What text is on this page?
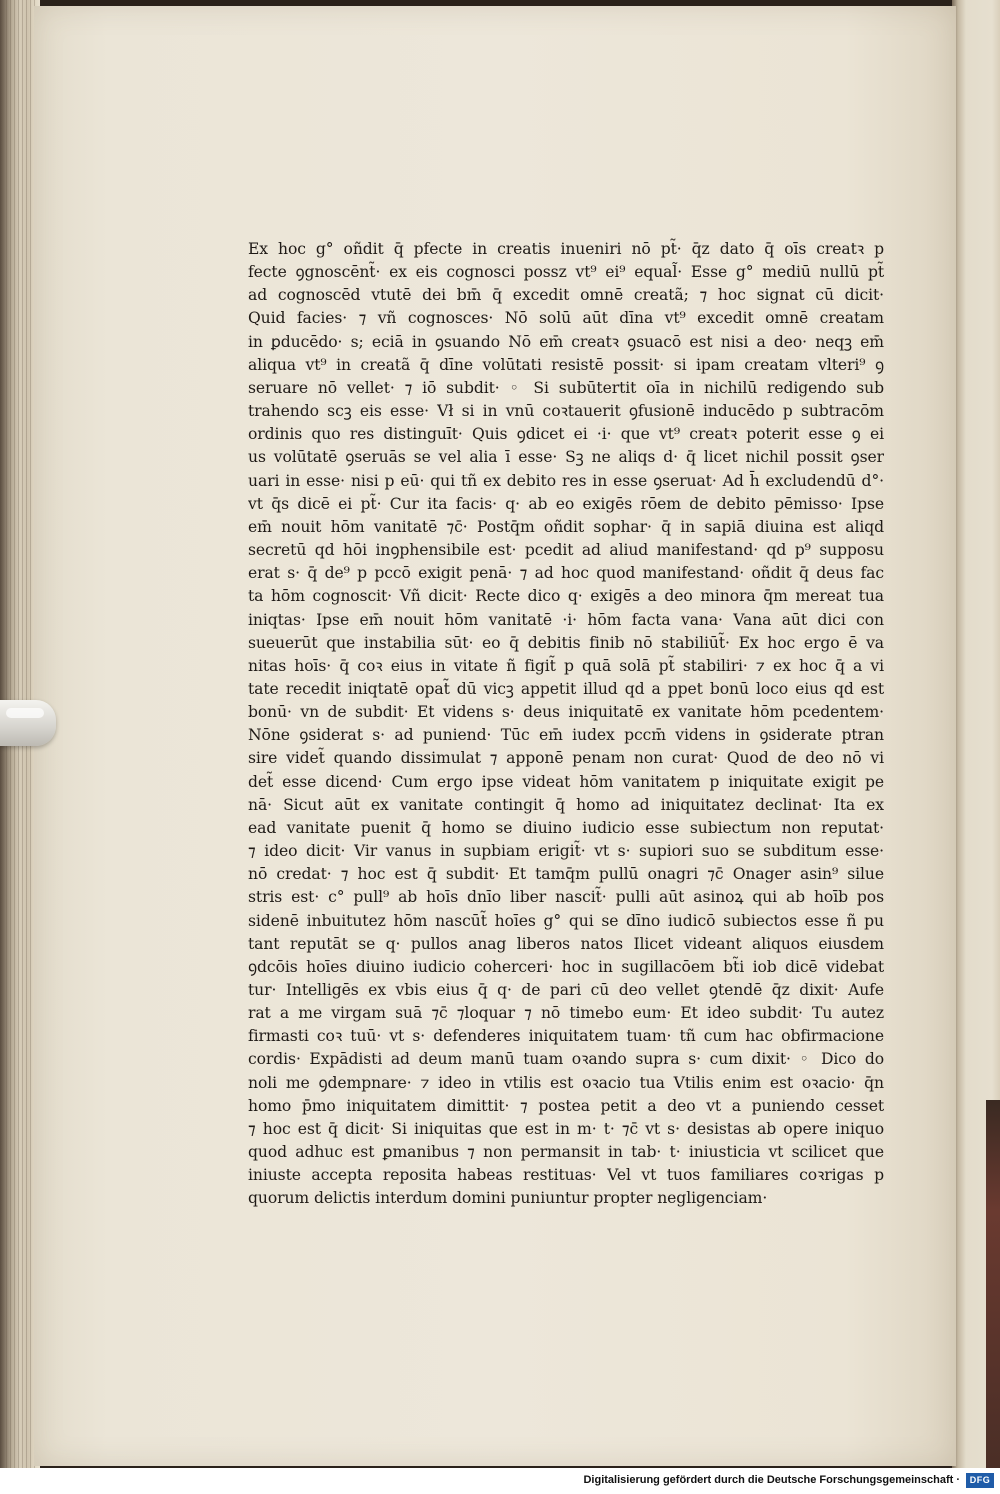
Ex hoc g° oñdit q̄ pfecte in creatis inueniri nō pt̃· q̄z dato q̄ oīs creatꝛ p
fecte ꝯgnoscēnt̃· ex eis cognosci possz vt⁹ ei⁹ equal̃· Esse g° mediū nullū pt̃
ad cognoscēd vtutē dei bm̄ q̄ excedit omnē creatã; ⁊ hoc signat cū dicit·
Quid facies· ⁊ vñ cognosces· Nō solū aūt dīna vt⁹ excedit omnē creatam
in ꝑducēdo· s; eciā in ꝯsuando Nō em̄ creatꝛ ꝯsuacō est nisi a deo· neqꝫ em̄
aliqua vt⁹ in creatã q̄ dīne volūtati resistē possit· si ipam creatam vlteri⁹ ꝯ
seruare nō vellet· ⁊ iō subdit· ◦ Si subūtertit oīa in nichilū redigendo sub
trahendo scꝫ eis esse· Vł si in vnū coꝛtauerit ꝯfusionē inducēdo p subtracōm
ordinis quo res distinguīt· Quis ꝯdicet ei ·i· que vt⁹ creatꝛ poterit esse ꝯ ei
us volūtatē ꝯseruās se vel alia ī esse· Sꝫ ne aliqs d· q̄ licet nichil possit ꝯser
uari in esse· nisi p eū· qui tñ ex debito res in esse ꝯseruat· Ad h̄ excludendū d°·
vt q̄s dicē ei pt̃· Cur ita facis· q· ab eo exigēs rōem de debito pēmisso· Ipse
em̄ nouit hōm vanitatē ⁊c̄· Postq̄m oñdit sophar· q̄ in sapiā diuina est aliqd
secretū qd hōi inꝯphensibile est· pcedit ad aliud manifestand· qd p⁹ supposu
erat s· q̄ de⁹ p pccō exigit penā· ⁊ ad hoc quod manifestand· oñdit q̄ deus fac
ta hōm cognoscit· Vñ dicit· Recte dico q· exigēs a deo minora q̄m mereat tua
iniqtas· Ipse em̄ nouit hōm vanitatē ·i· hōm facta vana· Vana aūt dici con
sueuerūt que instabilia sūt· eo q̄ debitis finib nō stabiliūt̃· Ex hoc ergo ē va
nitas hoīs· q̄ coꝛ eius in vitate ñ figit̃ p quā solā pt̃ stabiliri· ⁊ ex hoc q̄ a vi
tate recedit iniqtatē opat̃ dū vicꝫ appetit illud qd a ppet bonū loco eius qd est
bonū· vn de subdit· Et videns s· deus iniquitatē ex vanitate hōm pcedentem·
Nōne ꝯsiderat s· ad puniend· Tūc em̄ iudex pccm̄ videns in ꝯsiderate ptran
sire videt̃ quando dissimulat ⁊ apponē penam non curat· Quod de deo nō vi
det̃ esse dicend· Cum ergo ipse videat hōm vanitatem p iniquitate exigit pe
nā· Sicut aūt ex vanitate contingit q̄ homo ad iniquitatez declinat· Ita ex
ead vanitate puenit q̄ homo se diuino iudicio esse subiectum non reputat·
⁊ ideo dicit· Vir vanus in supbiam erigit̃· vt s· supiori suo se subditum esse·
nō credat· ⁊ hoc est q̄ subdit· Et tamq̄m pullū onagri ⁊c̄ Onager asin⁹ silue
stris est· c° pull⁹ ab hoīs dnīo liber nascit̃· pulli aūt asinoꝝ qui ab hoīb pos
sidenē inbuitutez hōm nascūt̃ hoīes g° qui se dīno iudicō subiectos esse ñ pu
tant reputāt se q· pullos anag liberos natos Ilicet videant aliquos eiusdem
ꝯdcōis hoīes diuino iudicio coherceri· hoc in sugillacōem bt̃i iob dicē videbat
tur· Intelligēs ex vbis eius q̄ q· de pari cū deo vellet ꝯtendē q̄z dixit· Aufe
rat a me virgam suā ⁊c̄ ⁊loquar ⁊ nō timebo eum· Et ideo subdit· Tu autez
firmasti coꝛ tuū· vt s· defenderes iniquitatem tuam· tñ cum hac obfirmacione
cordis· Expādisti ad deum manū tuam oꝛando supra s· cum dixit· ◦ Dico do
noli me ꝯdempnare· ⁊ ideo in vtilis est oꝛacio tua Vtilis enim est oꝛacio· q̄n
homo p̄mo iniquitatem dimittit· ⁊ postea petit a deo vt a puniendo cesset
⁊ hoc est q̄ dicit· Si iniquitas que est in m· t· ⁊c̄ vt s· desistas ab opere iniquo
quod adhuc est ꝑmanibus ⁊ non permansit in tab· t· iniusticia vt scilicet que
iniuste accepta reposita habeas restituas· Vel vt tuos familiares coꝛrigas p
quorum delictis interdum domini puniuntur propter negligenciam·
Digitalisierung gefördert durch die Deutsche Forschungsgemeinschaft ·	DFG
